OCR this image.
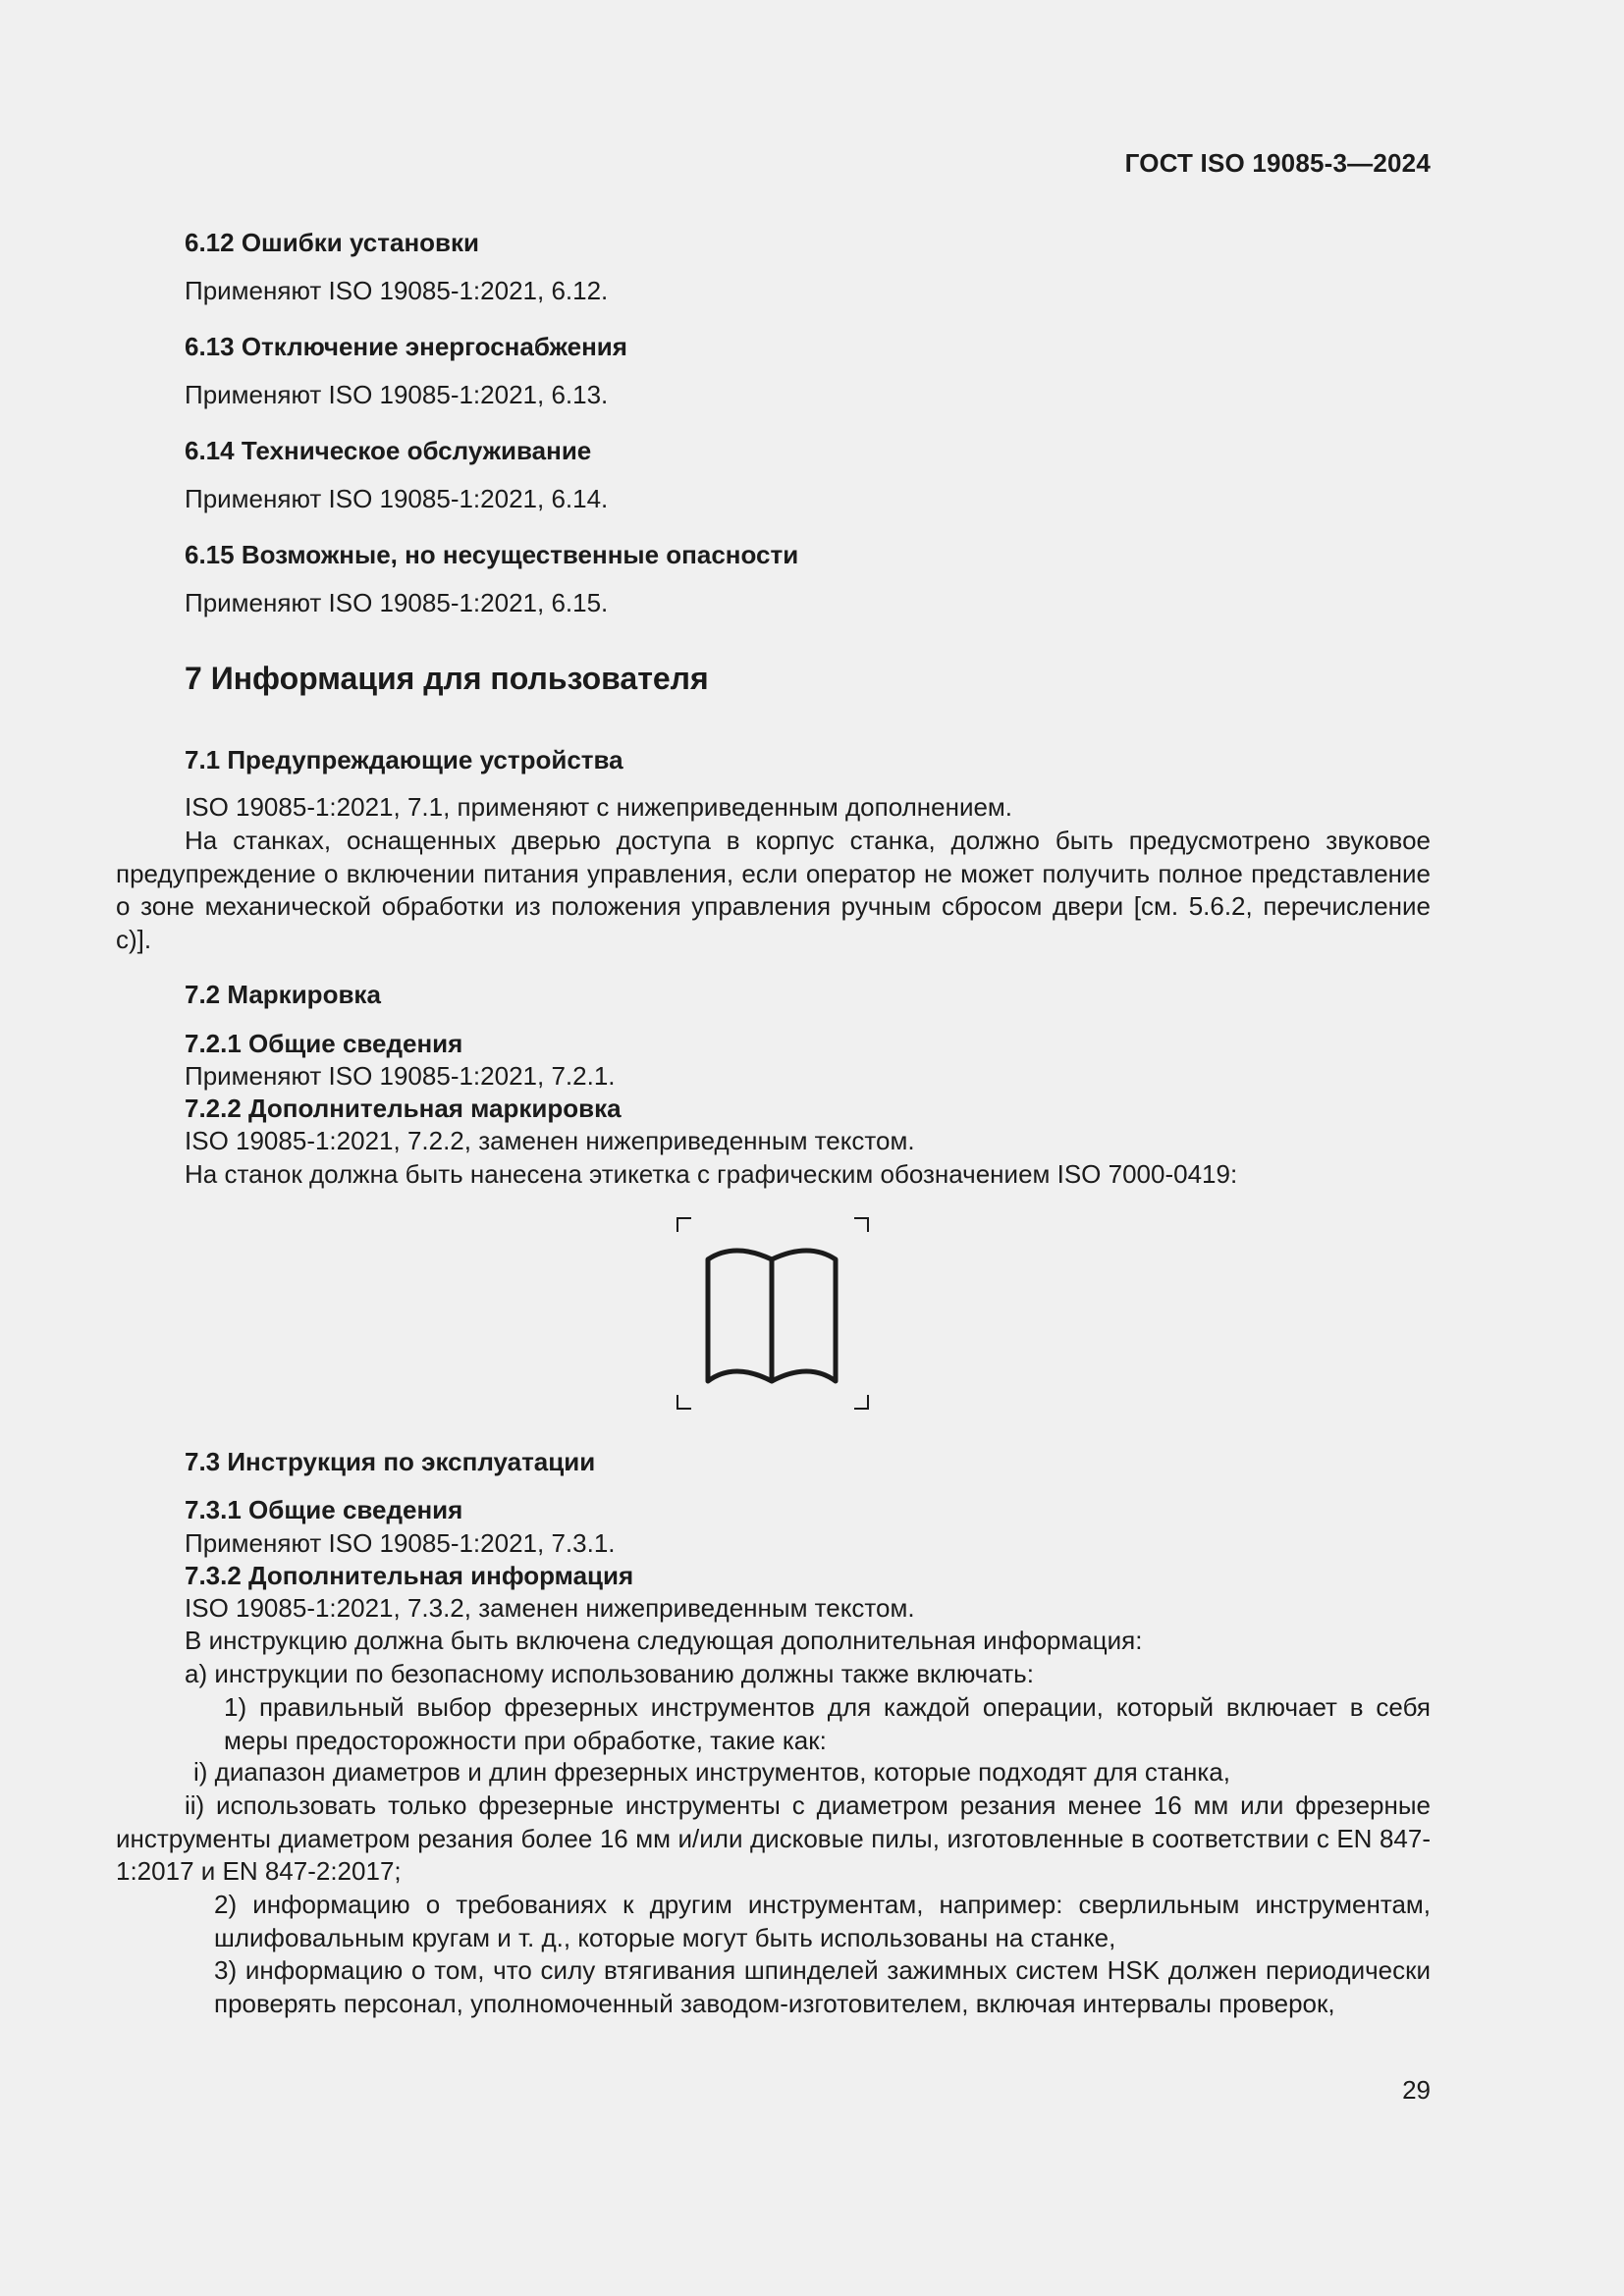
ГОСТ ISO 19085-3—2024
6.12 Ошибки установки
Применяют ISO 19085-1:2021, 6.12.
6.13 Отключение энергоснабжения
Применяют ISO 19085-1:2021, 6.13.
6.14 Техническое обслуживание
Применяют ISO 19085-1:2021, 6.14.
6.15 Возможные, но несущественные опасности
Применяют ISO 19085-1:2021, 6.15.
7 Информация для пользователя
7.1 Предупреждающие устройства
ISO 19085-1:2021, 7.1, применяют с нижеприведенным дополнением.
На станках, оснащенных дверью доступа в корпус станка, должно быть предусмотрено звуковое предупреждение о включении питания управления, если оператор не может получить полное представление о зоне механической обработки из положения управления ручным сбросом двери [см. 5.6.2, перечисление с)].
7.2 Маркировка
7.2.1 Общие сведения
Применяют ISO 19085-1:2021, 7.2.1.
7.2.2 Дополнительная маркировка
ISO 19085-1:2021, 7.2.2, заменен нижеприведенным текстом.
На станок должна быть нанесена этикетка с графическим обозначением ISO 7000-0419:
7.3 Инструкция по эксплуатации
7.3.1 Общие сведения
Применяют ISO 19085-1:2021, 7.3.1.
7.3.2 Дополнительная информация
ISO 19085-1:2021, 7.3.2, заменен нижеприведенным текстом.
В инструкцию должна быть включена следующая дополнительная информация:
а) инструкции по безопасному использованию должны также включать:
1) правильный выбор фрезерных инструментов для каждой операции, который включает в себя меры предосторожности при обработке, такие как:
i) диапазон диаметров и длин фрезерных инструментов, которые подходят для станка,
ii) использовать только фрезерные инструменты с диаметром резания менее 16 мм или фрезерные инструменты диаметром резания более 16 мм и/или дисковые пилы, изготовленные в соответствии с EN 847-1:2017 и EN 847-2:2017;
2) информацию о требованиях к другим инструментам, например: сверлильным инструментам, шлифовальным кругам и т. д., которые могут быть использованы на станке,
3) информацию о том, что силу втягивания шпинделей зажимных систем HSK должен периодически проверять персонал, уполномоченный заводом-изготовителем, включая интервалы проверок,
29
